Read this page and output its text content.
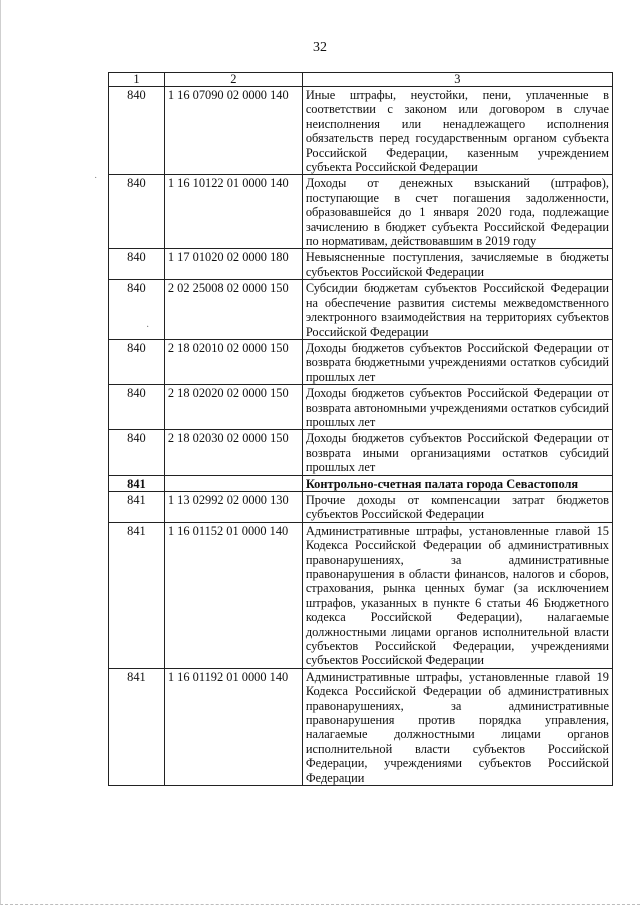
32
1	2	3
840	1 16 07090 02 0000 140	Иные штрафы, неустойки, пени, уплаченные в соответствии с законом или договором в случае неисполнения или ненадлежащего исполнения обязательств перед государственным органом субъекта Российской Федерации, казенным учреждением субъекта Российской Федерации
840	1 16 10122 01 0000 140	Доходы от денежных взысканий (штрафов), поступающие в счет погашения задолженности, образовавшейся до 1 января 2020 года, подлежащие зачислению в бюджет субъекта Российской Федерации по нормативам, действовавшим в 2019 году
840	1 17 01020 02 0000 180	Невыясненные поступления, зачисляемые в бюджеты субъектов Российской Федерации
840	2 02 25008 02 0000 150	Субсидии бюджетам субъектов Российской Федерации на обеспечение развития системы межведомственного электронного взаимодействия на территориях субъектов Российской Федерации
840	2 18 02010 02 0000 150	Доходы бюджетов субъектов Российской Федерации от возврата бюджетными учреждениями остатков субсидий прошлых лет
840	2 18 02020 02 0000 150	Доходы бюджетов субъектов Российской Федерации от возврата автономными учреждениями остатков субсидий прошлых лет
840	2 18 02030 02 0000 150	Доходы бюджетов субъектов Российской Федерации от возврата иными организациями остатков субсидий прошлых лет
841		Контрольно-счетная палата города Севастополя
841	1 13 02992 02 0000 130	Прочие доходы от компенсации затрат бюджетов субъектов Российской Федерации
841	1 16 01152 01 0000 140	Административные штрафы, установленные главой 15 Кодекса Российской Федерации об административных правонарушениях, за административные правонарушения в области финансов, налогов и сборов, страхования, рынка ценных бумаг (за исключением штрафов, указанных в пункте 6 статьи 46 Бюджетного кодекса Российской Федерации), налагаемые должностными лицами органов исполнительной власти субъектов Российской Федерации, учреждениями субъектов Российской Федерации
841	1 16 01192 01 0000 140	Административные штрафы, установленные главой 19 Кодекса Российской Федерации об административных правонарушениях, за административные правонарушения против порядка управления, налагаемые должностными лицами органов исполнительной власти субъектов Российской Федерации, учреждениями субъектов Российской Федерации
˙
·
